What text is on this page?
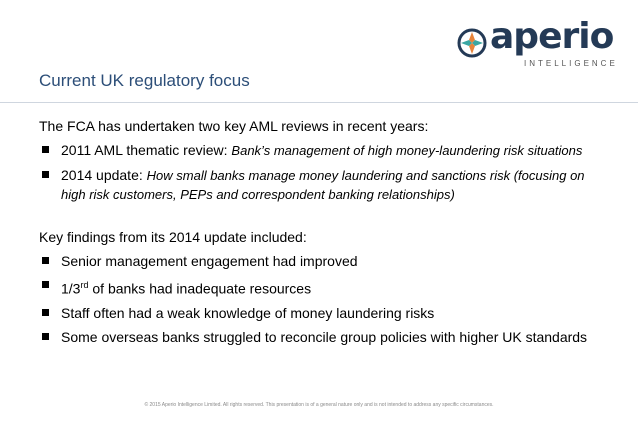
aperio
INTELLIGENCE
Current UK regulatory focus

The FCA has undertaken two key AML reviews in recent years:

2011 AML thematic review: Bank’s management of high money-laundering risk situations
2014 update: How small banks manage money laundering and sanctions risk (focusing on high risk customers, PEPs and correspondent banking relationships)

Key findings from its 2014 update included:

Senior management engagement had improved
1/3rd of banks had inadequate resources
Staff often had a weak knowledge of money laundering risks
Some overseas banks struggled to reconcile group policies with higher UK standards
© 2015 Aperio Intelligence Limited. All rights reserved. This presentation is of a general nature only and is not intended to address any specific circumstances.
